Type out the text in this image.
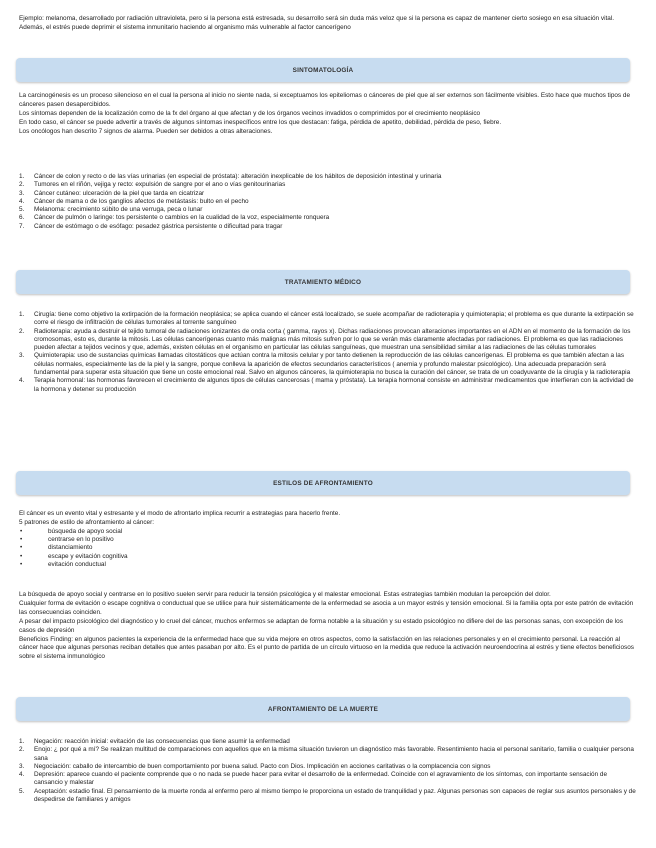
Ejemplo: melanoma, desarrollado por radiación ultravioleta, pero si la persona está estresada, su desarrollo será sin duda más veloz que si la persona es capaz de mantener cierto sosiego en esa situación vital. Además, el estrés puede deprimir el sistema inmunitario haciendo al organismo más vulnerable al factor cancerígeno

SINTOMATOLOGÍA

La carcinogénesis es un proceso silencioso en el cual la persona al inicio no siente nada, si exceptuamos los epiteliomas o cánceres de piel que al ser externos son fácilmente visibles. Esto hace que muchos tipos de cánceres pasen desapercibidos.

Los síntomas dependen de la localización como de la fx del órgano al que afectan y de los órganos vecinos invadidos o comprimidos por el crecimiento neoplásico

En todo caso, el cáncer se puede advertir a través de algunos síntomas inespecíficos entre los que destacan: fatiga, pérdida de apetito, debilidad, pérdida de peso, fiebre.

Los oncólogos han descrito 7 signos de alarma. Pueden ser debidos a otras alteraciones.

1.	Cáncer de colon y recto o de las vías urinarias (en especial de próstata): alteración inexplicable de los hábitos de deposición intestinal y urinaria
2.	Tumores en el riñón, vejiga y recto: expulsión de sangre por el ano o vías genitourinarias
3.	Cáncer cutáneo: ulceración de la piel que tarda en cicatrizar
4.	Cáncer de mama o de los ganglios afectos de metástasis: bulto en el pecho
5.	Melanoma: crecimiento súbito de una verruga, peca o lunar
6.	Cáncer de pulmón o laringe: tos persistente o cambios en la cualidad de la voz, especialmente ronquera
7.	Cáncer de estómago o de esófago: pesadez gástrica persistente o dificultad para tragar
TRATAMIENTO MÉDICO
1.	Cirugía: tiene como objetivo la extirpación de la formación neoplásica; se aplica cuando el cáncer está localizado, se suele acompañar de radioterapia y quimioterapia; el problema es que durante la extirpación se corre el riesgo de infiltración de células tumorales al torrente sanguíneo
2.	Radioterapia: ayuda a destruir el tejido tumoral de radiaciones ionizantes de onda corta ( gamma, rayos x). Dichas radiaciones provocan alteraciones importantes en el ADN en el momento de la formación de los cromosomas, esto es, durante la mitosis. Las células cancerígenas cuanto más malignas más mitosis sufren por lo que se verán más claramente afectadas por radiaciones. El problema es que las radiaciones pueden afectar a tejidos vecinos y que, además, existen células en el organismo en particular las células sanguíneas, que muestran una sensibilidad similar a las radiaciones de las células tumorales
3.	Quimioterapia: uso de sustancias químicas llamadas citostáticos que actúan contra la mitosis celular y por tanto detienen la reproducción de las células cancerígenas. El problema es que también afectan a las células normales, especialmente las de la piel y la sangre, porque conlleva la aparición de efectos secundarios característicos ( anemia y profundo malestar psicológico). Una adecuada preparación será fundamental para superar esta situación que tiene un coste emocional real. Salvo en algunos cánceres, la quimioterapia no busca la curación del cáncer, se trata de un coadyuvante de la cirugía y la radioterapia
4.	Terapia hormonal: las hormonas favorecen el crecimiento de algunos tipos de células cancerosas ( mama y próstata). La terapia hormonal consiste en administrar medicamentos que interfieran con la actividad de la hormona y detener su producción
ESTILOS DE AFRONTAMIENTO

El cáncer es un evento vital y estresante y el modo de afrontarlo implica recurrir a estrategias para hacerlo frente.

5 patrones de estilo de afrontamiento al cáncer:

•	búsqueda de apoyo social
•	centrarse en lo positivo
•	distanciamiento
•	escape y evitación cognitiva
•	evitación conductual

La búsqueda de apoyo social y centrarse en lo positivo suelen servir para reducir la tensión psicológica y el malestar emocional. Estas estrategias también modulan la percepción del dolor.

Cualquier forma de evitación o escape cognitiva o conductual que se utilice para huir sistemáticamente de la enfermedad se asocia a un mayor estrés y tensión emocional. Si la familia opta por este patrón de evitación las consecuencias coinciden.

A pesar del impacto psicológico del diagnóstico y lo cruel del cáncer, muchos enfermos se adaptan de forma notable a la situación y su estado psicológico no difiere del de las personas sanas, con excepción de los casos de depresión

Beneficios Finding: en algunos pacientes la experiencia de la enfermedad hace que su vida mejore en otros aspectos, como la satisfacción en las relaciones personales y en el crecimiento personal. La reacción al cáncer hace que algunas personas reciban detalles que antes pasaban por alto. Es el punto de partida de un círculo virtuoso en la medida que reduce la activación neuroendocrina al estrés y tiene efectos beneficiosos sobre el sistema inmunológico

AFRONTAMIENTO DE LA MUERTE
1.	Negación: reacción inicial: evitación de las consecuencias que tiene asumir la enfermedad
2.	Enojo: ¿ por qué a mí? Se realizan multitud de comparaciones con aquellos que en la misma situación tuvieron un diagnóstico más favorable. Resentimiento hacia el personal sanitario, familia o cualquier persona sana
3.	Negociación: caballo de intercambio de buen comportamiento por buena salud. Pacto con Dios. Implicación en acciones caritativas o la complacencia con signos
4.	Depresión: aparece cuando el paciente comprende que o no nada se puede hacer para evitar el desarrollo de la enfermedad. Coincide con el agravamiento de los síntomas, con importante sensación de cansancio y malestar
5.	Aceptación: estadio final. El pensamiento de la muerte ronda al enfermo pero al mismo tiempo le proporciona un estado de tranquilidad y paz. Algunas personas son capaces de reglar sus asuntos personales y de despedirse de familiares y amigos
